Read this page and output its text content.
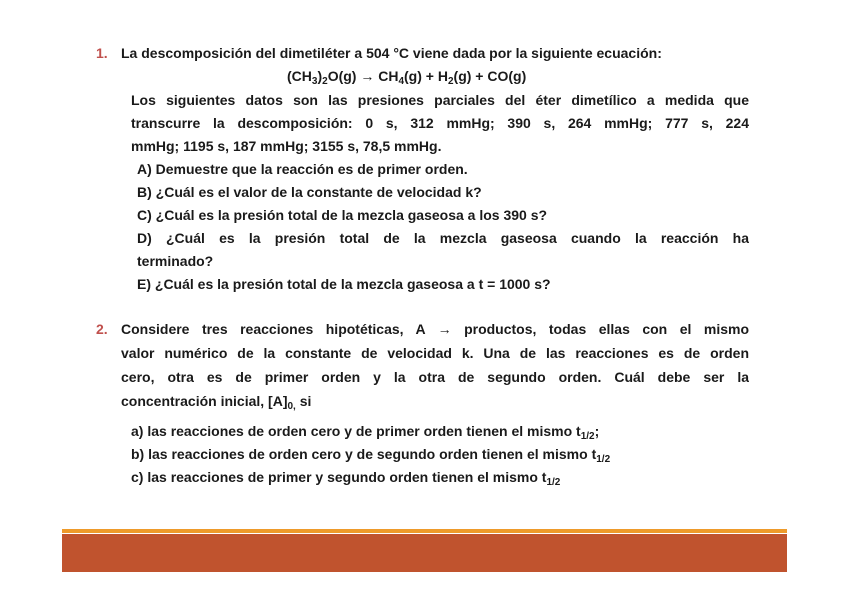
1. La descomposición del dimetiléter a 504 °C viene dada por la siguiente ecuación:
$(CH_3)_2O(g) \to CH_4(g) + H_2(g) + CO(g)$
Los siguientes datos son las presiones parciales del éter dimetílico a medida que
transcurre la descomposición: 0 s, 312 mmHg; 390 s, 264 mmHg; 777 s, 224
mmHg; 1195 s, 187 mmHg; 3155 s, 78,5 mmHg.
A) Demuestre que la reacción es de primer orden.
B) ¿Cuál es el valor de la constante de velocidad k?
C) ¿Cuál es la presión total de la mezcla gaseosa a los 390 s?
D) ¿Cuál es la presión total de la mezcla gaseosa cuando la reacción ha
terminado?
E) ¿Cuál es la presión total de la mezcla gaseosa a t = 1000 s?
2. Considere tres reacciones hipotéticas, A → productos, todas ellas con el mismo
valor numérico de la constante de velocidad k. Una de las reacciones es de orden
cero, otra es de primer orden y la otra de segundo orden. Cuál debe ser la
concentración inicial, $[A]_{0,}$ si
a) las reacciones de orden cero y de primer orden tienen el mismo $t_{1/2}$;
b) las reacciones de orden cero y de segundo orden tienen el mismo $t_{1/2}$
c) las reacciones de primer y segundo orden tienen el mismo $t_{1/2}$
